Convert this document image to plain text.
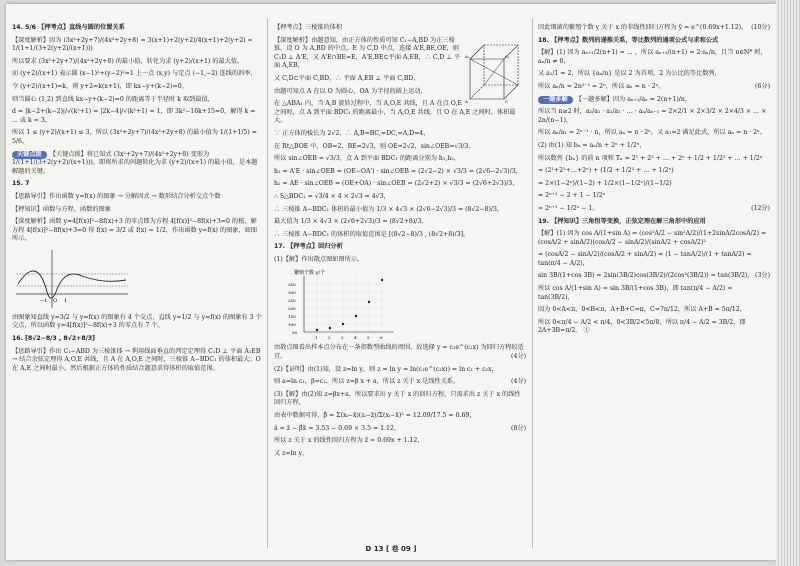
14. 5/6 【押考点】直线与圆的位置关系

【深度解析】因为 (3x²+2y+7)/(4x²+2y+8) = 3(x+1)+2(y+2)/4(x+1)+2(y+2) = 1/(1+1/(3+2(y+2)/(x+1)))

所以要求 (3x²+2y+7)/(4x²+2y+8) 的最小值，转化为求 (y+2)/(x+1) 的最大值。

而 (y+2)/(x+1) 表示圆 (x−1)²+(y−2)²=1 上一点 (x,y) 与定点 (−1,−2) 连线的斜率，

令 (y+2)/(x+1)=k，则 y+2=k(x+1)，即 kx−y+(k−2)=0。

则当圆心 (1,2) 到直线 kx−y+(k−2)=0 的距离等于半径时 k 取到最值，

d = |k−2+(k−2)|/√(k²+1) = |2k−4|/√(k²+1) = 1，即 3k²−16k+15=0，解得 k = ... 或 k = 3，

所以 1 ≤ (y+2)/(x+1) ≤ 3，所以 (3x²+2y+7)/(4x²+2y+8) 的最小值为 1/(1+1/5) = 5/6。

关键点拨 【关键点拨】将已知式 (3x²+2y+7)/(4x²+2y+8) 变形为 1/(1+1/(3+2(y+2)/(x+1)))，即将所求的问题转化为求 (y+2)/(x+1) 的最小值，是本题解题的关键。

15. 7

【思路导引】作出函数 y=f(x) 的图象 → 分解因式 → 数形结合分析交点个数

【押知识】函数与方程，函数的图象

【深度解析】函数 y=4[f(x)]²−8f(x)+3 的零点即为方程 4[f(x)]²−8f(x)+3=0 的根，解方程 4[f(x)]²−8f(x)+3=0 得 f(x) = 3/2 或 f(x) = 1/2，作出函数 y=f(x) 的图象，如图所示。

−1 O 1

由图象知直线 y=3/2 与 y=f(x) 的图象有 4 个交点，直线 y=1/2 与 y=f(x) 的图象有 3 个交点，所以函数 y=4[f(x)]²−8f(x)+3 的零点有 7 个。

16. [8√2−8/3 , 8√2+8/3]

【思路导引】作出 C₁−ABD 为三棱锥体 → 利用线面垂直的判定定理得 C₁D ⊥ 平面 A₁EB → 结合余弦定理得 A,O,E 共线，且 A 在 A,O,E 之间时，三棱锥 A−BDC₁ 的体积最大；O 在 A,E 之间时最小，然后根据正方体的性质结合题意求得体积的取值范围。

【押考点】三棱锥的体积

A₁	C₁
A	C

【深度解析】由题意知，由正方体的性质可知 C₁−A,BD 为正三棱锥，设 O 为 A,BD 的中点，E 为 C,D 中点，连接 A'E,BE,OE，则 C₁D ⊥ A'E，又 A'E∩BE=E，A'E,BE⊂平面 A,EB，∴ C,D ⊥ 平面 A,EB，

又 C,D⊂平面 C,BD，∴ 平面 A,EB ⊥ 平面 C,BD，

由题可知点 A 在以 O 为圆心，OA 为半径的圆上运动，

在 △ABA₁ 内，当 A,B 旋转过程中，当 A,O,E 共线，且 A 在点 O,E 之间时，点 A 到平面 BDC₁ 的距离最小，当 A,O,E 共线，且 O 在 A,E 之间时，体积最大。

∵ 正方体的棱长为 2√2，∴ A,B=BC,=DC,=A,D=4，

在 Rt△BOE 中，OB=2，BE=2√3，则 OE=2√2，sin∠OEB=√3/3，

所以 sin∠OEB = √3/3，点 A 到平面 BDC₁ 的距离分别为 h₁,h₂，

h₁ = A'E · sin∠OEB = (OE−OA') · sin∠OEB = (2√2−2) × √3/3 = (2√6−2√3)/3，

h₂ = AE · sin∠OEB = (OE+OA) · sin∠OEB = (2√2+2) × √3/3 = (2√6+2√3)/3，

∴ S△BDC₁ = √3/4 × 4 × 2√3 = 4√3，

∴ 三棱锥 A−BDC₁ 体积的最小值为 1/3 × 4√3 × (2√6−2√3)/3 = (8√2−8)/3，

最大值为 1/3 × 4√3 × (2√6+2√3)/3 = (8√2+8)/3，

∴ 三棱锥 A−BDC₁ 的体积的取值范围是 [(8√2−8)/3 , (8√2+8)/3]。

17. 【押考点】回归分析

(1)【解】作出散点图如图所示。

繁殖个数 y/个
350
300
250
200
150
100
50
1	2	3	4	5	6

由散点图看出样本点分布在一条指数型曲线的周围，故选择 y = c₁e^(c₂x) 为回归方程较适宜。	(4分)

(2)【证明】由(1)知，设 z=ln y，则 z = ln y = ln(c₁e^(c₂x)) = ln c₁ + c₂x，

则 a=ln c₁，β=c₂，所以 z=β x + a，所以 z 关于 x 是线性关系。	(4分)

(3)【解】由(2)知 z=βx+a，所以要求出 y 关于 x 的回归方程，只需求出 z 关于 x 的线性回归方程，

由表中数据可得，β̂ = Σ(xᵢ−x̄)(zᵢ−z̄)/Σ(xᵢ−x̄)² = 12.09/17.5 ≈ 0.69，

â = z̄ − β̂x̄ = 3.53 − 0.69 × 3.5 = 1.12，	(8分)

所以 z 关于 x 的线性回归方程为 ẑ = 0.69x + 1.12，

又 z=ln y，

因此细菌的繁殖个数 y 关于 x 的非线性回归方程为 ŷ = e^(0.69x+1.12)。 (10分)

18. 【押考点】数列的递推关系，等比数列的通项公式与求和公式

【解】(1) 因为 aₙ₊₁/2(n+1) = ... ，所以 aₙ₊₁/(n+1) = 2·aₙ/n，且当 n∈N* 时，aₙ/n ≠ 0，

又 a₁/1 = 2，所以 {aₙ/n} 是以 2 为首项，2 为公比的等比数列，

所以 aₙ/n = 2n²⁻¹ = 2ⁿ，所以 aₙ = n · 2ⁿ。	(6分)

一题多解 【一题多解】因为 aₙ₊₁/aₙ = 2(n+1)/n，

所以当 n≥2 时，a₂/a₁ · a₃/a₂ · … · aₙ/aₙ₋₁ = 2×2/1 × 2×3/2 × 2×4/3 × … × 2n/(n−1)，

所以 aₙ/a₁ = 2ⁿ⁻¹ · n，所以 aₙ = n · 2ⁿ，又 a₁=2 满足此式，所以 aₙ = n · 2ⁿ。

(2) 由(1) 知 bₙ = aₙ/n + 2ⁿ + 1/2ⁿ，

所以数列 {bₙ} 的前 n 项和 Tₙ = 2¹ + 2² + … + 2ⁿ + 1/2 + 1/2² + … + 1/2ⁿ

= (2¹+2²+…+2ⁿ) + (1/2 + 1/2² + … + 1/2ⁿ)

= 2×(1−2ⁿ)/(1−2) + 1/2×(1−1/2ⁿ)/(1−1/2)

= 2ⁿ⁺¹ − 2 + 1 − 1/2ⁿ

= 2ⁿ⁺¹ − 1/2ⁿ − 1。	(12分)

19. 【押知识】三角恒等变换，正弦定理在解三角形中的应用

【解】(1) 因为 cos A/(1+sin A) = (cos²A/2 − sin²A/2)/(1+2sinA/2cosA/2) = (cosA/2 + sinA/2)(cosA/2 − sinA/2)/(sinA/2 + cosA/2)²

= (cosA/2 − sinA/2)/(cosA/2 + sinA/2) = (1 − tanA/2)/(1 + tanA/2) = tan(π/4 − A/2)，

sin 3B/(1+cos 3B) = 2sin(3B/2)cos(3B/2)/(2cos²(3B/2)) = tan(3B/2)， (3分)

所以 cos A/(1+sin A) = sin 3B/(1+cos 3B)，即 tan(π/4 − A/2) = tan(3B/2)，

因为 0<A<π，0<B<π，A+B+C=π，C=7π/12，所以 A+B = 5π/12，

所以 0<π/4 − A/2 < π/4，0<3B/2<5π/8，所以 π/4 − A/2 = 3B/2，即 2A+3B=π/2。 ①

D 13 [ 卷 09 ]
